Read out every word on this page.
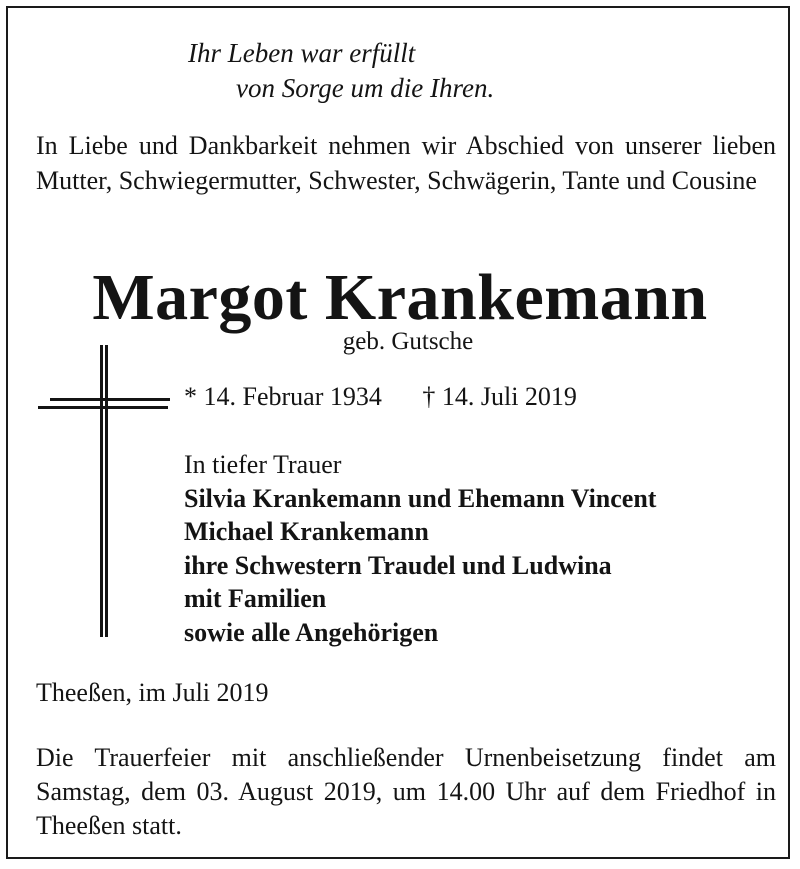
Ihr Leben war erfüllt
von Sorge um die Ihren.
In Liebe und Dankbarkeit nehmen wir Abschied von unserer lieben Mutter, Schwiegermutter, Schwester, Schwägerin, Tante und Cousine
Margot Krankemann
geb. Gutsche
* 14. Februar 1934 † 14. Juli 2019
In tiefer Trauer
Silvia Krankemann und Ehemann Vincent
Michael Krankemann
ihre Schwestern Traudel und Ludwina
mit Familien
sowie alle Angehörigen
Theeßen, im Juli 2019
Die Trauerfeier mit anschließender Urnenbeisetzung findet am Samstag, dem 03. August 2019, um 14.00 Uhr auf dem Friedhof in Theeßen statt.
